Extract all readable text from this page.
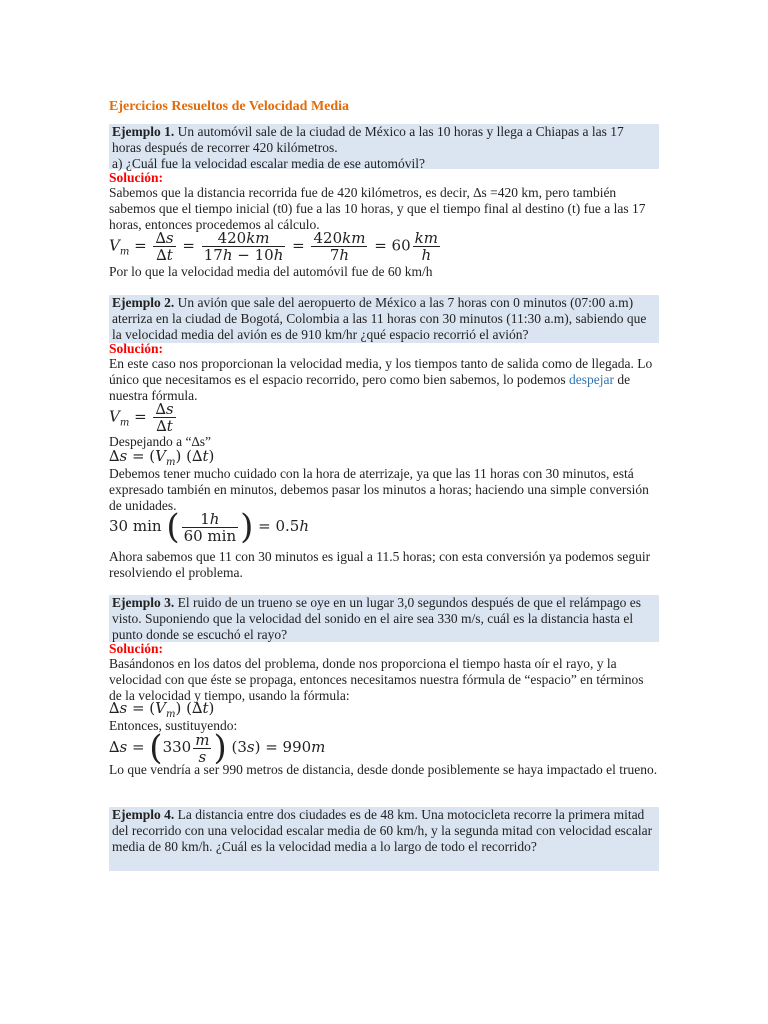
Ejercicios Resueltos de Velocidad Media
Ejemplo 1. Un automóvil sale de la ciudad de México a las 10 horas y llega a Chiapas a las 17 horas después de recorrer 420 kilómetros.
a) ¿Cuál fue la velocidad escalar media de ese automóvil?
Solución:
Sabemos que la distancia recorrida fue de 420 kilómetros, es decir, ∆s =420 km, pero también sabemos que el tiempo inicial (t0) fue a las 10 horas, y que el tiempo final al destino (t) fue a las 17 horas, entonces procedemos al cálculo.
$V_m = \frac{\Delta s}{\Delta t} = \frac{420km}{17h - 10h} = \frac{420km}{7h} = 60 \frac{km}{h}$
Por lo que la velocidad media del automóvil fue de 60 km/h
Ejemplo 2. Un avión que sale del aeropuerto de México a las 7 horas con 0 minutos (07:00 a.m) aterriza en la ciudad de Bogotá, Colombia a las 11 horas con 30 minutos (11:30 a.m), sabiendo que la velocidad media del avión es de 910 km/hr ¿qué espacio recorrió el avión?
Solución:
En este caso nos proporcionan la velocidad media, y los tiempos tanto de salida como de llegada. Lo único que necesitamos es el espacio recorrido, pero como bien sabemos, lo podemos despejar de nuestra fórmula.
$V_m = \frac{\Delta s}{\Delta t}$
Despejando a “∆s”
$\Delta s = (V_m)$ (∆t)
Debemos tener mucho cuidado con la hora de aterrizaje, ya que las 11 horas con 30 minutos, está expresado también en minutos, debemos pasar los minutos a horas; haciendo una simple conversión de unidades.
30 min ( $\frac{1h}{60 \min}$ ) = 0.5h
Ahora sabemos que 11 con 30 minutos es igual a 11.5 horas; con esta conversión ya podemos seguir resolviendo el problema.
Ejemplo 3. El ruido de un trueno se oye en un lugar 3,0 segundos después de que el relámpago es visto. Suponiendo que la velocidad del sonido en el aire sea 330 m/s, cuál es la distancia hasta el punto donde se escuchó el rayo?
Solución:
Basándonos en los datos del problema, donde nos proporciona el tiempo hasta oír el rayo, y la velocidad con que éste se propaga, entonces necesitamos nuestra fórmula de “espacio” en términos de la velocidad y tiempo, usando la fórmula:
$\Delta s = (V_m)$ (∆t)
Entonces, sustituyendo:
$\Delta s = (330 \frac{m}{s}$ ) (3s) = 990m
Lo que vendría a ser 990 metros de distancia, desde donde posiblemente se haya impactado el trueno.
Ejemplo 4. La distancia entre dos ciudades es de 48 km. Una motocicleta recorre la primera mitad del recorrido con una velocidad escalar media de 60 km/h, y la segunda mitad con velocidad escalar media de 80 km/h. ¿Cuál es la velocidad media a lo largo de todo el recorrido?
